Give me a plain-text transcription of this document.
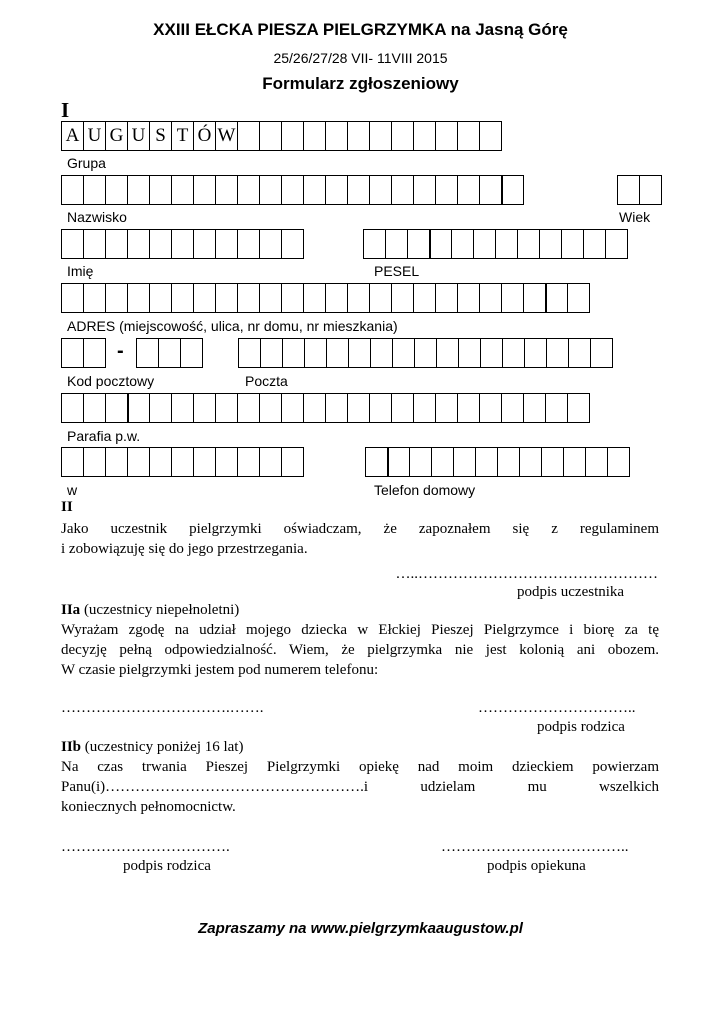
XXIII EŁCKA PIESZA PIELGRZYMKA na Jasną Górę
25/26/27/28 VII- 11VIII 2015
Formularz zgłoszeniowy
I
A U G U S T Ó W
Grupa
Nazwisko	Wiek
Imię	PESEL
ADRES (miejscowość, ulica, nr domu, nr mieszkania)
-
Kod pocztowy	Poczta
Parafia p.w.
w	Telefon domowy
II
Jako uczestnik pielgrzymki oświadczam, że zapoznałem się z regulaminem
i zobowiązuję się do jego przestrzegania.
…..…………………………………………
podpis uczestnika
IIa (uczestnicy niepełnoletni)
Wyrażam zgodę na udział mojego dziecka w Ełckiej Pieszej Pielgrzymce i biorę za tę
decyzję pełną odpowiedzialność. Wiem, że pielgrzymka nie jest kolonią ani obozem.
W czasie pielgrzymki jestem pod numerem telefonu:
…………………………….…….	…………………………..
podpis rodzica
IIb (uczestnicy poniżej 16 lat)
Na czas trwania Pieszej Pielgrzymki opiekę nad moim dzieckiem powierzam
Panu(i)…………………………………………….i	udzielam	mu	wszelkich
koniecznych pełnomocnictw.
…………………………….	………………………………..
podpis rodzica	podpis opiekuna
Zapraszamy na www.pielgrzymkaaugustow.pl
